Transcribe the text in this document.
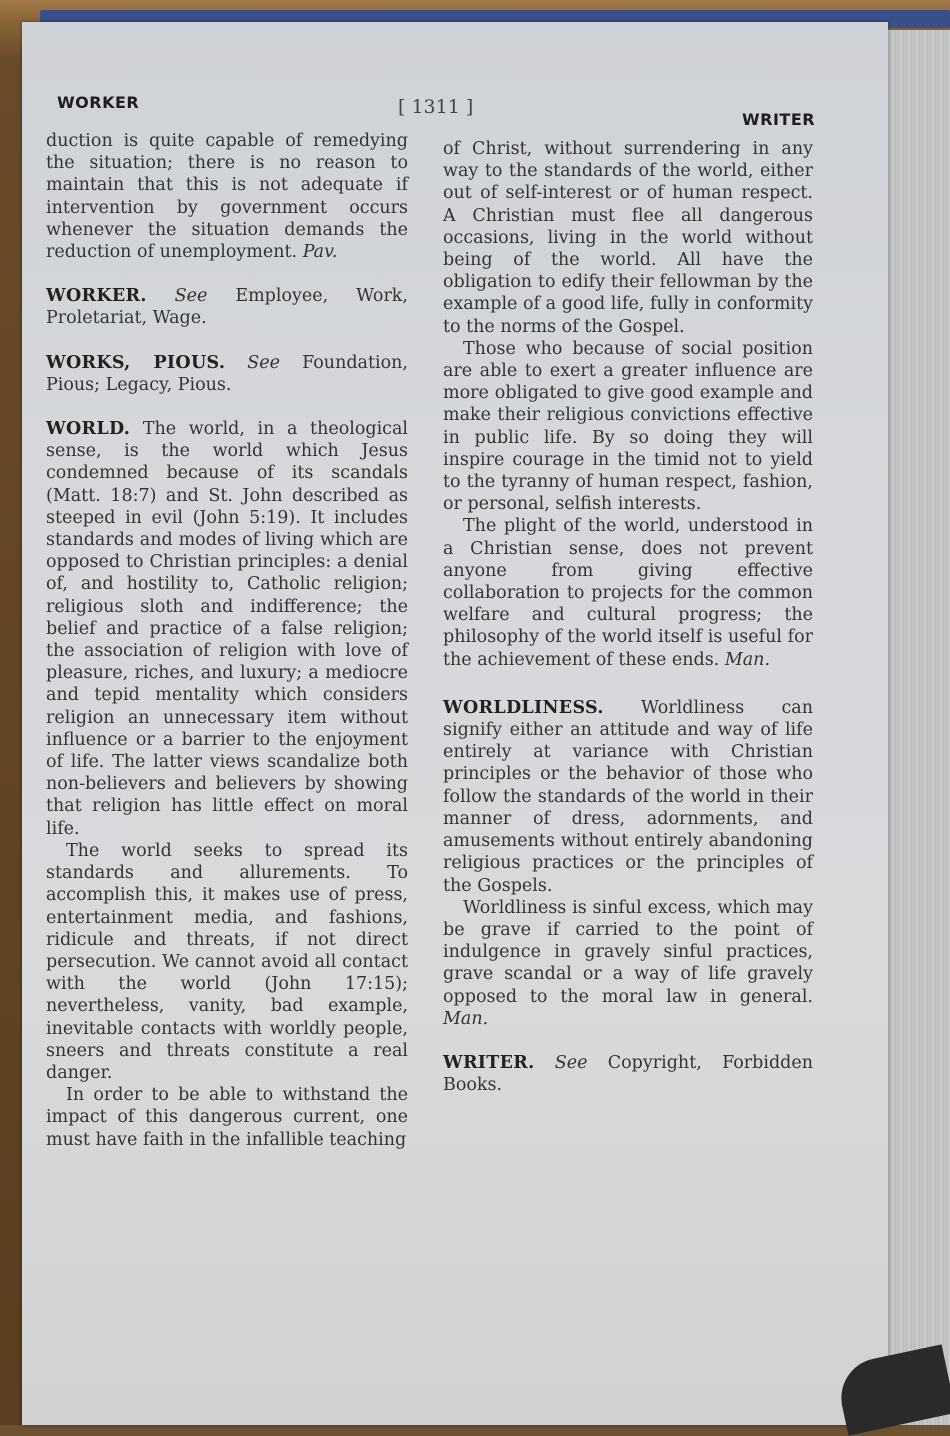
WORKER	[ 1311 ]
WRITER

duction is quite capable of remedying the situation; there is no reason to maintain that this is not adequate if intervention by government occurs whenever the situation demands the reduction of unemployment. Pav.

WORKER. See Employee, Work, Proletariat, Wage.

WORKS, PIOUS. See Foundation, Pious; Legacy, Pious.

WORLD. The world, in a theological sense, is the world which Jesus condemned because of its scandals (Matt. 18:7) and St. John described as steeped in evil (John 5:19). It includes standards and modes of living which are opposed to Christian principles: a denial of, and hostility to, Catholic religion; religious sloth and indifference; the belief and practice of a false religion; the association of religion with love of pleasure, riches, and luxury; a mediocre and tepid mentality which considers religion an unnecessary item without influence or a barrier to the enjoyment of life. The latter views scandalize both non-believers and believers by showing that religion has little effect on moral life.

The world seeks to spread its standards and allurements. To accomplish this, it makes use of press, entertainment media, and fashions, ridicule and threats, if not direct persecution. We cannot avoid all contact with the world (John 17:15); nevertheless, vanity, bad example, inevitable contacts with worldly people, sneers and threats constitute a real danger.

In order to be able to withstand the impact of this dangerous current, one must have faith in the infallible teaching

of Christ, without surrendering in any way to the standards of the world, either out of self-interest or of human respect. A Christian must flee all dangerous occasions, living in the world without being of the world. All have the obligation to edify their fellowman by the example of a good life, fully in conformity to the norms of the Gospel.

Those who because of social position are able to exert a greater influence are more obligated to give good example and make their religious convictions effective in public life. By so doing they will inspire courage in the timid not to yield to the tyranny of human respect, fashion, or personal, selfish interests.

The plight of the world, understood in a Christian sense, does not prevent anyone from giving effective collaboration to projects for the common welfare and cultural progress; the philosophy of the world itself is useful for the achievement of these ends. Man.

WORLDLINESS. Worldliness can signify either an attitude and way of life entirely at variance with Christian principles or the behavior of those who follow the standards of the world in their manner of dress, adornments, and amusements without entirely abandoning religious practices or the principles of the Gospels.

Worldliness is sinful excess, which may be grave if carried to the point of indulgence in gravely sinful practices, grave scandal or a way of life gravely opposed to the moral law in general. Man.

WRITER. See Copyright, Forbidden Books.
